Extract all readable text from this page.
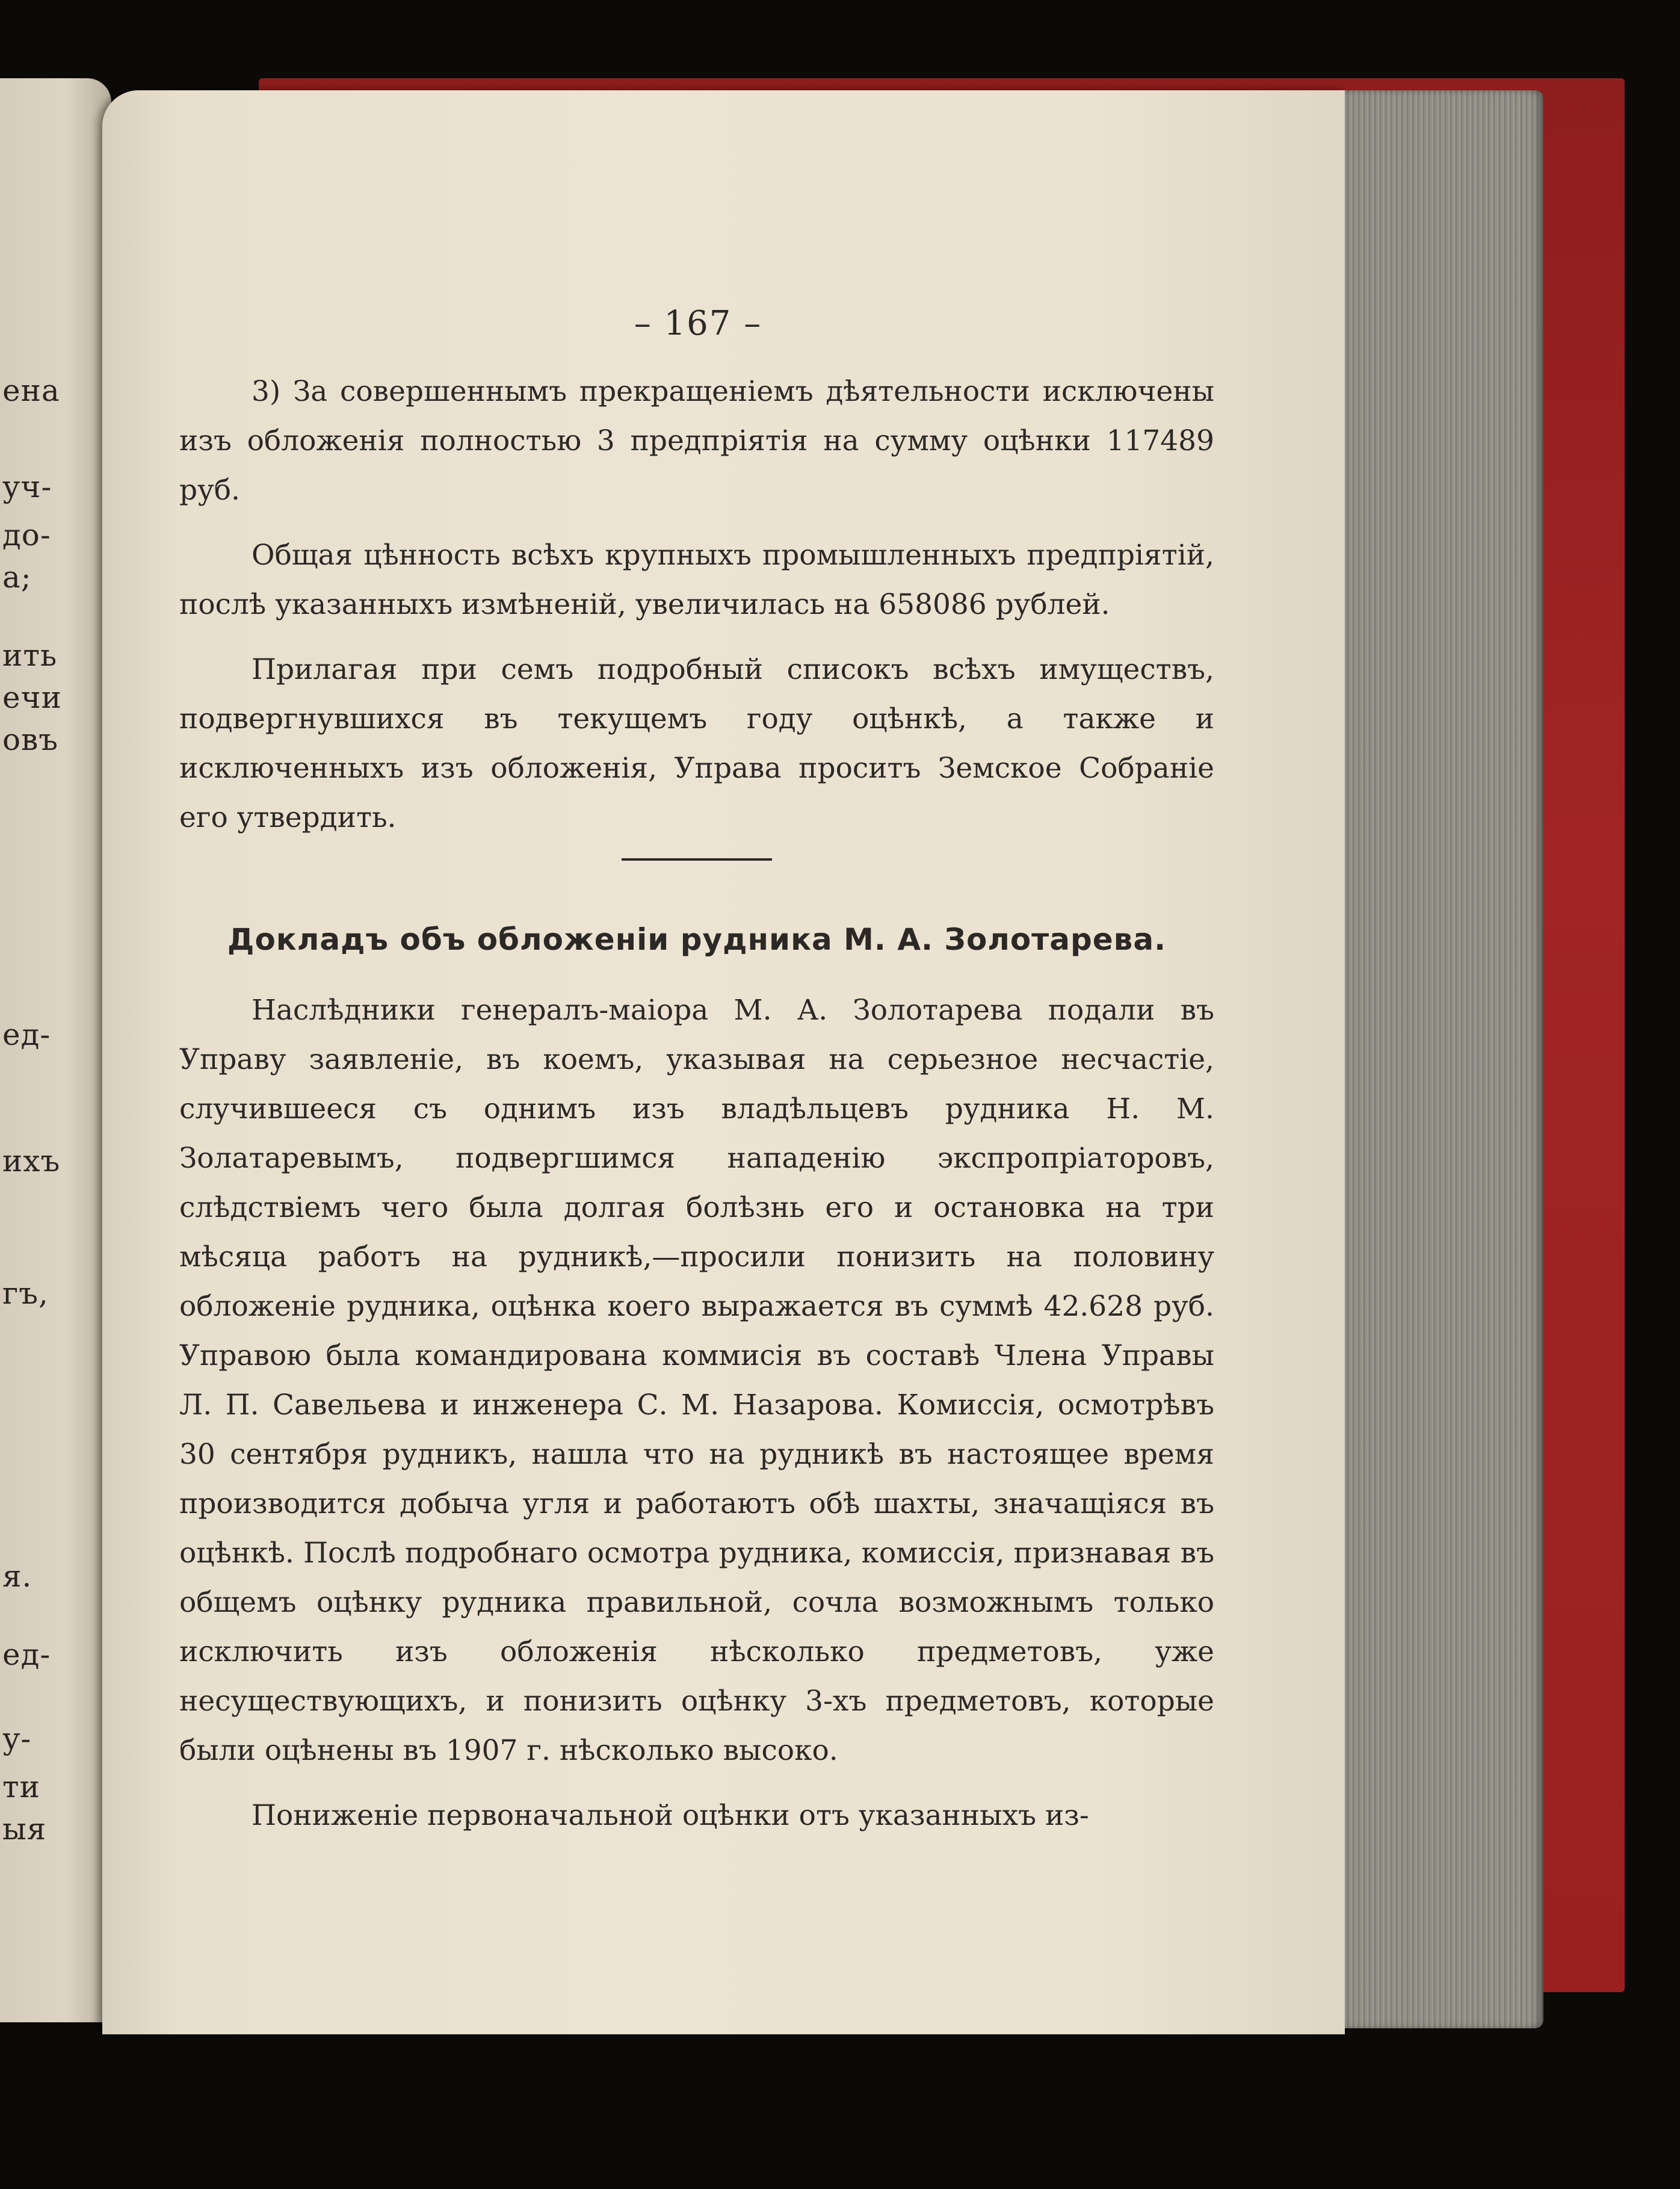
ена
уч-
до-
а;
ить
ечи
овъ
ед-
ихъ
гъ,
я.
ед-
у-
ти
ыя
– 167 –

3) За совершеннымъ прекращеніемъ дѣятельности исключены изъ обложенія полностью 3 предпріятія на сумму оцѣнки 117489 руб.

Общая цѣнность всѣхъ крупныхъ промышленныхъ предпріятій, послѣ указанныхъ измѣненій, увеличилась на 658086 рублей.

Прилагая при семъ подробный списокъ всѣхъ имуществъ, подвергнувшихся въ текущемъ году оцѣнкѣ, а также и исключенныхъ изъ обложенія, Управа проситъ Земское Собраніе его утвердить.

Докладъ объ обложеніи рудника М. А. Золотарева.

Наслѣдники генералъ-маіора М. А. Золотарева подали въ Управу заявленіе, въ коемъ, указывая на серьезное несчастіе, случившееся съ однимъ изъ владѣльцевъ рудника Н. М. Золатаревымъ, подвергшимся нападенію экспропріаторовъ, слѣдствіемъ чего была долгая болѣзнь его и остановка на три мѣсяца работъ на рудникѣ,—просили понизить на половину обложеніе рудника, оцѣнка коего выражается въ суммѣ 42.628 руб. Управою была командирована коммисія въ составѣ Члена Управы Л. П. Савельева и инженера С. М. Назарова. Комиссія, осмотрѣвъ 30 сентября рудникъ, нашла что на рудникѣ въ настоящее время производится добыча угля и работаютъ обѣ шахты, значащіяся въ оцѣнкѣ. Послѣ подробнаго осмотра рудника, комиссія, признавая въ общемъ оцѣнку рудника правильной, сочла возможнымъ только исключить изъ обложенія нѣсколько предметовъ, уже несуществующихъ, и понизить оцѣнку 3-хъ предметовъ, которые были оцѣнены въ 1907 г. нѣсколько высоко.

Пониженіе первоначальной оцѣнки отъ указанныхъ из-
